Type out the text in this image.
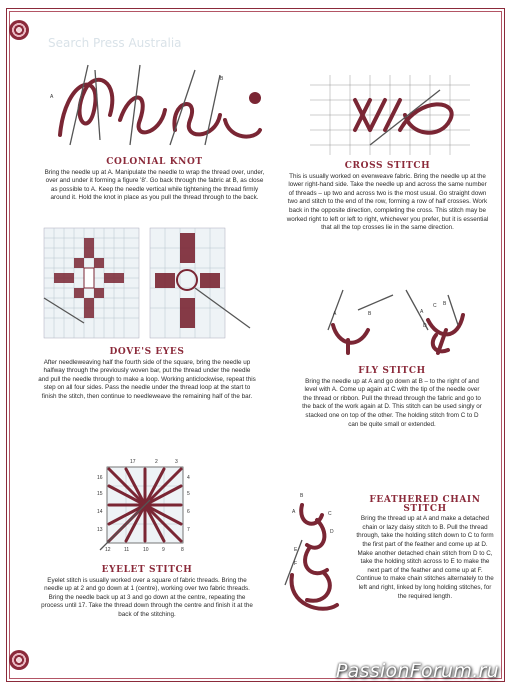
Search Press Australia
A
B
COLONIAL KNOT

Bring the needle up at A. Manipulate the needle to wrap the thread over, under, over and under it forming a figure '8'. Go back through the fabric at B, as close as possible to A. Keep the needle vertical while tightening the thread firmly around it. Hold the knot in place as you pull the thread through to the back.

CROSS STITCH

This is usually worked on evenweave fabric. Bring the needle up at the lower right-hand side. Take the needle up and across the same number of threads – up two and across two is the most usual. Go straight down two and stitch to the end of the row, forming a row of half crosses. Work back in the opposite direction, completing the cross. This stitch may be worked right to left or left to right, whichever you prefer, but it is essential that all the top crosses lie in the same direction.

DOVE'S EYES

After needleweaving half the fourth side of the square, bring the needle up halfway through the previously woven bar, put the thread under the needle and pull the needle through to make a loop. Working anticlockwise, repeat this step on all four sides. Pass the needle under the thread loop at the start to finish the stitch, then continue to needleweave the remaining half of the bar.

A	B
C B
A
D
FLY STITCH

Bring the needle up at A and go down at B – to the right of and level with A. Come up again at C with the tip of the needle over the thread or ribbon. Pull the thread through the fabric and go to the back of the work again at D. This stitch can be used singly or stacked one on top of the other. The holding stitch from C to D can be quite small or extended.

17	2	3
16
15
14
13
4
5
6
7
12	11	10	9	8
EYELET STITCH

Eyelet stitch is usually worked over a square of fabric threads. Bring the needle up at 2 and go down at 1 (centre), working over two fabric threads. Bring the needle back up at 3 and go down at the centre, repeating the process until 17. Take the thread down through the centre and finish it at the back of the stitching.

B
A	C
D
E
F
FEATHERED CHAIN
STITCH

Bring the thread up at A and make a detached chain or lazy daisy stitch to B. Pull the thread through, take the holding stitch down to C to form the first part of the feather and come up at D. Make another detached chain stitch from D to C, take the holding stitch across to E to make the next part of the feather and come up at F. Continue to make chain stitches alternately to the left and right, linked by long holding stitches, for the required length.

PassionForum.ru
